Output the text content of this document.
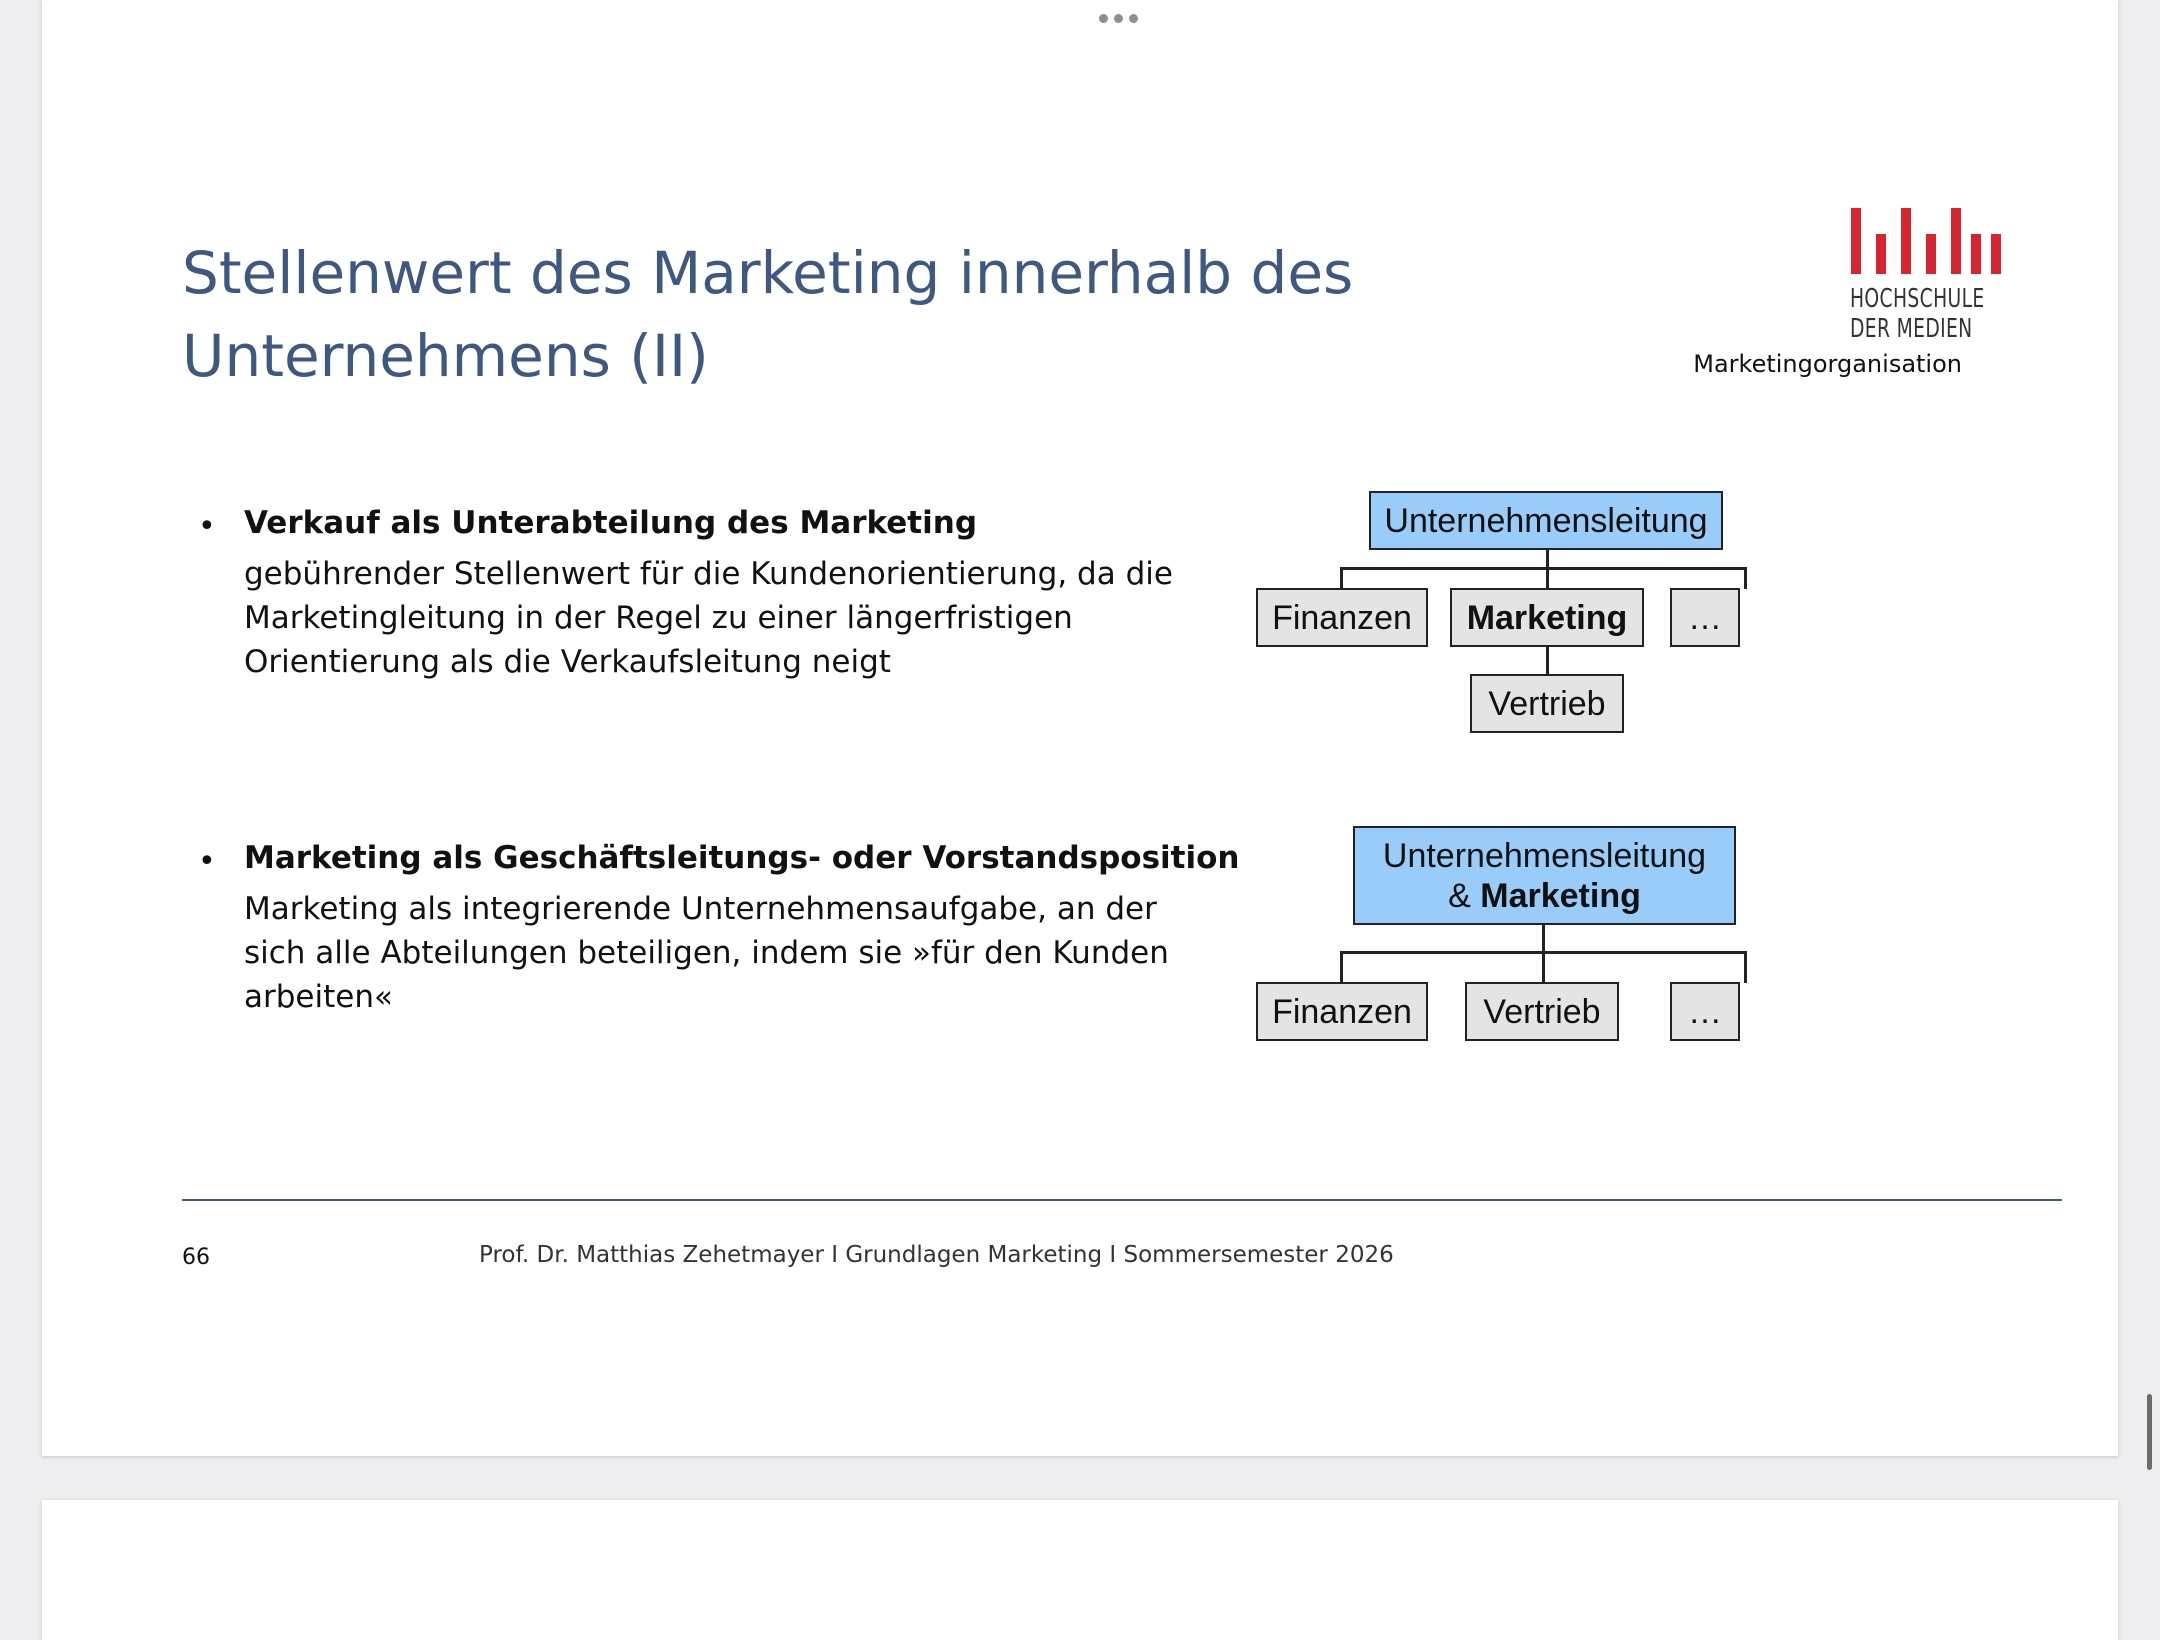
Stellenwert des Marketing innerhalb des
Unternehmens (II)
HOCHSCHULE
DER MEDIEN
Marketingorganisation
• Verkauf als Unterabteilung des Marketing
gebührender Stellenwert für die Kundenorientierung, da die
Marketingleitung in der Regel zu einer längerfristigen
Orientierung als die Verkaufsleitung neigt
• Marketing als Geschäftsleitungs- oder Vorstandsposition
Marketing als integrierende Unternehmensaufgabe, an der
sich alle Abteilungen beteiligen, indem sie »für den Kunden
arbeiten«
Unternehmensleitung
Finanzen	Marketing	…
Vertrieb
Unternehmensleitung
& Marketing
Finanzen	Vertrieb	…
66	Prof. Dr. Matthias Zehetmayer I Grundlagen Marketing I Sommersemester 2026
